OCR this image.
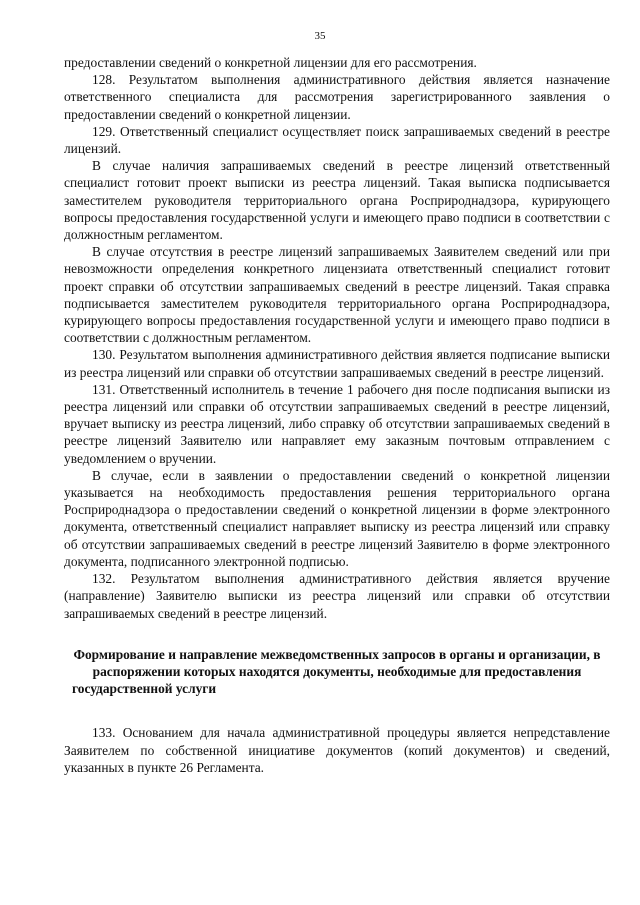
35

предоставлении сведений о конкретной лицензии для его рассмотрения.

128. Результатом выполнения административного действия является назначение ответственного специалиста для рассмотрения зарегистрированного заявления о предоставлении сведений о конкретной лицензии.

129. Ответственный специалист осуществляет поиск запрашиваемых сведений в реестре лицензий.

В случае наличия запрашиваемых сведений в реестре лицензий ответственный специалист готовит проект выписки из реестра лицензий. Такая выписка подписывается заместителем руководителя территориального органа Росприроднадзора, курирующего вопросы предоставления государственной услуги и имеющего право подписи в соответствии с должностным регламентом.

В случае отсутствия в реестре лицензий запрашиваемых Заявителем сведений или при невозможности определения конкретного лицензиата ответственный специалист готовит проект справки об отсутствии запрашиваемых сведений в реестре лицензий. Такая справка подписывается заместителем руководителя территориального органа Росприроднадзора, курирующего вопросы предоставления государственной услуги и имеющего право подписи в соответствии с должностным регламентом.

130. Результатом выполнения административного действия является подписание выписки из реестра лицензий или справки об отсутствии запрашиваемых сведений в реестре лицензий.

131. Ответственный исполнитель в течение 1 рабочего дня после подписания выписки из реестра лицензий или справки об отсутствии запрашиваемых сведений в реестре лицензий, вручает выписку из реестра лицензий, либо справку об отсутствии запрашиваемых сведений в реестре лицензий Заявителю или направляет ему заказным почтовым отправлением с уведомлением о вручении.

В случае, если в заявлении о предоставлении сведений о конкретной лицензии указывается на необходимость предоставления решения территориального органа Росприроднадзора о предоставлении сведений о конкретной лицензии в форме электронного документа, ответственный специалист направляет выписку из реестра лицензий или справку об отсутствии запрашиваемых сведений в реестре лицензий Заявителю в форме электронного документа, подписанного электронной подписью.

132. Результатом выполнения административного действия является вручение (направление) Заявителю выписки из реестра лицензий или справки об отсутствии запрашиваемых сведений в реестре лицензий.

Формирование и направление межведомственных запросов в органы и организации, в распоряжении которых находятся документы, необходимые для предоставления государственной услуги

133. Основанием для начала административной процедуры является непредставление Заявителем по собственной инициативе документов (копий документов) и сведений, указанных в пункте 26 Регламента.
